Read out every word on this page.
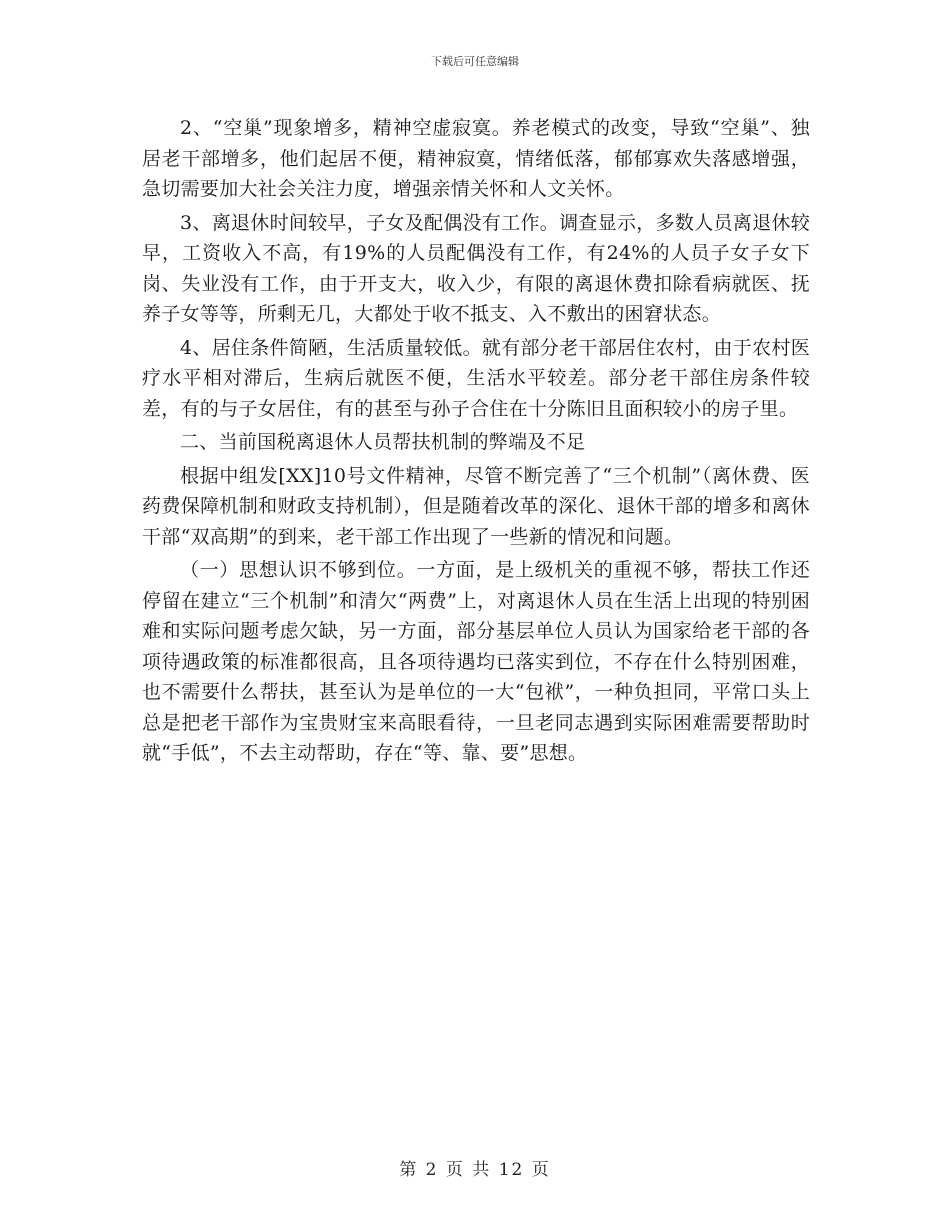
下载后可任意编辑

2、“空巢”现象增多，精神空虚寂寞。养老模式的改变，导致“空巢”、独居老干部增多，他们起居不便，精神寂寞，情绪低落，郁郁寡欢失落感增强，急切需要加大社会关注力度，增强亲情关怀和人文关怀。

3、离退休时间较早，子女及配偶没有工作。调查显示，多数人员离退休较早，工资收入不高，有19%的人员配偶没有工作，有24%的人员子女子女下岗、失业没有工作，由于开支大，收入少，有限的离退休费扣除看病就医、抚养子女等等，所剩无几，大都处于收不抵支、入不敷出的困窘状态。

4、居住条件简陋，生活质量较低。就有部分老干部居住农村，由于农村医疗水平相对滞后，生病后就医不便，生活水平较差。部分老干部住房条件较差，有的与子女居住，有的甚至与孙子合住在十分陈旧且面积较小的房子里。

二、当前国税离退休人员帮扶机制的弊端及不足

根据中组发[XX]10号文件精神，尽管不断完善了“三个机制”（离休费、医药费保障机制和财政支持机制），但是随着改革的深化、退休干部的增多和离休干部“双高期”的到来，老干部工作出现了一些新的情况和问题。

（一）思想认识不够到位。一方面，是上级机关的重视不够，帮扶工作还停留在建立“三个机制”和清欠“两费”上，对离退休人员在生活上出现的特别困难和实际问题考虑欠缺，另一方面，部分基层单位人员认为国家给老干部的各项待遇政策的标准都很高，且各项待遇均已落实到位，不存在什么特别困难，也不需要什么帮扶，甚至认为是单位的一大“包袱”，一种负担同，平常口头上总是把老干部作为宝贵财宝来高眼看待，一旦老同志遇到实际困难需要帮助时就“手低”，不去主动帮助，存在“等、靠、要”思想。

第 2 页 共 12 页
